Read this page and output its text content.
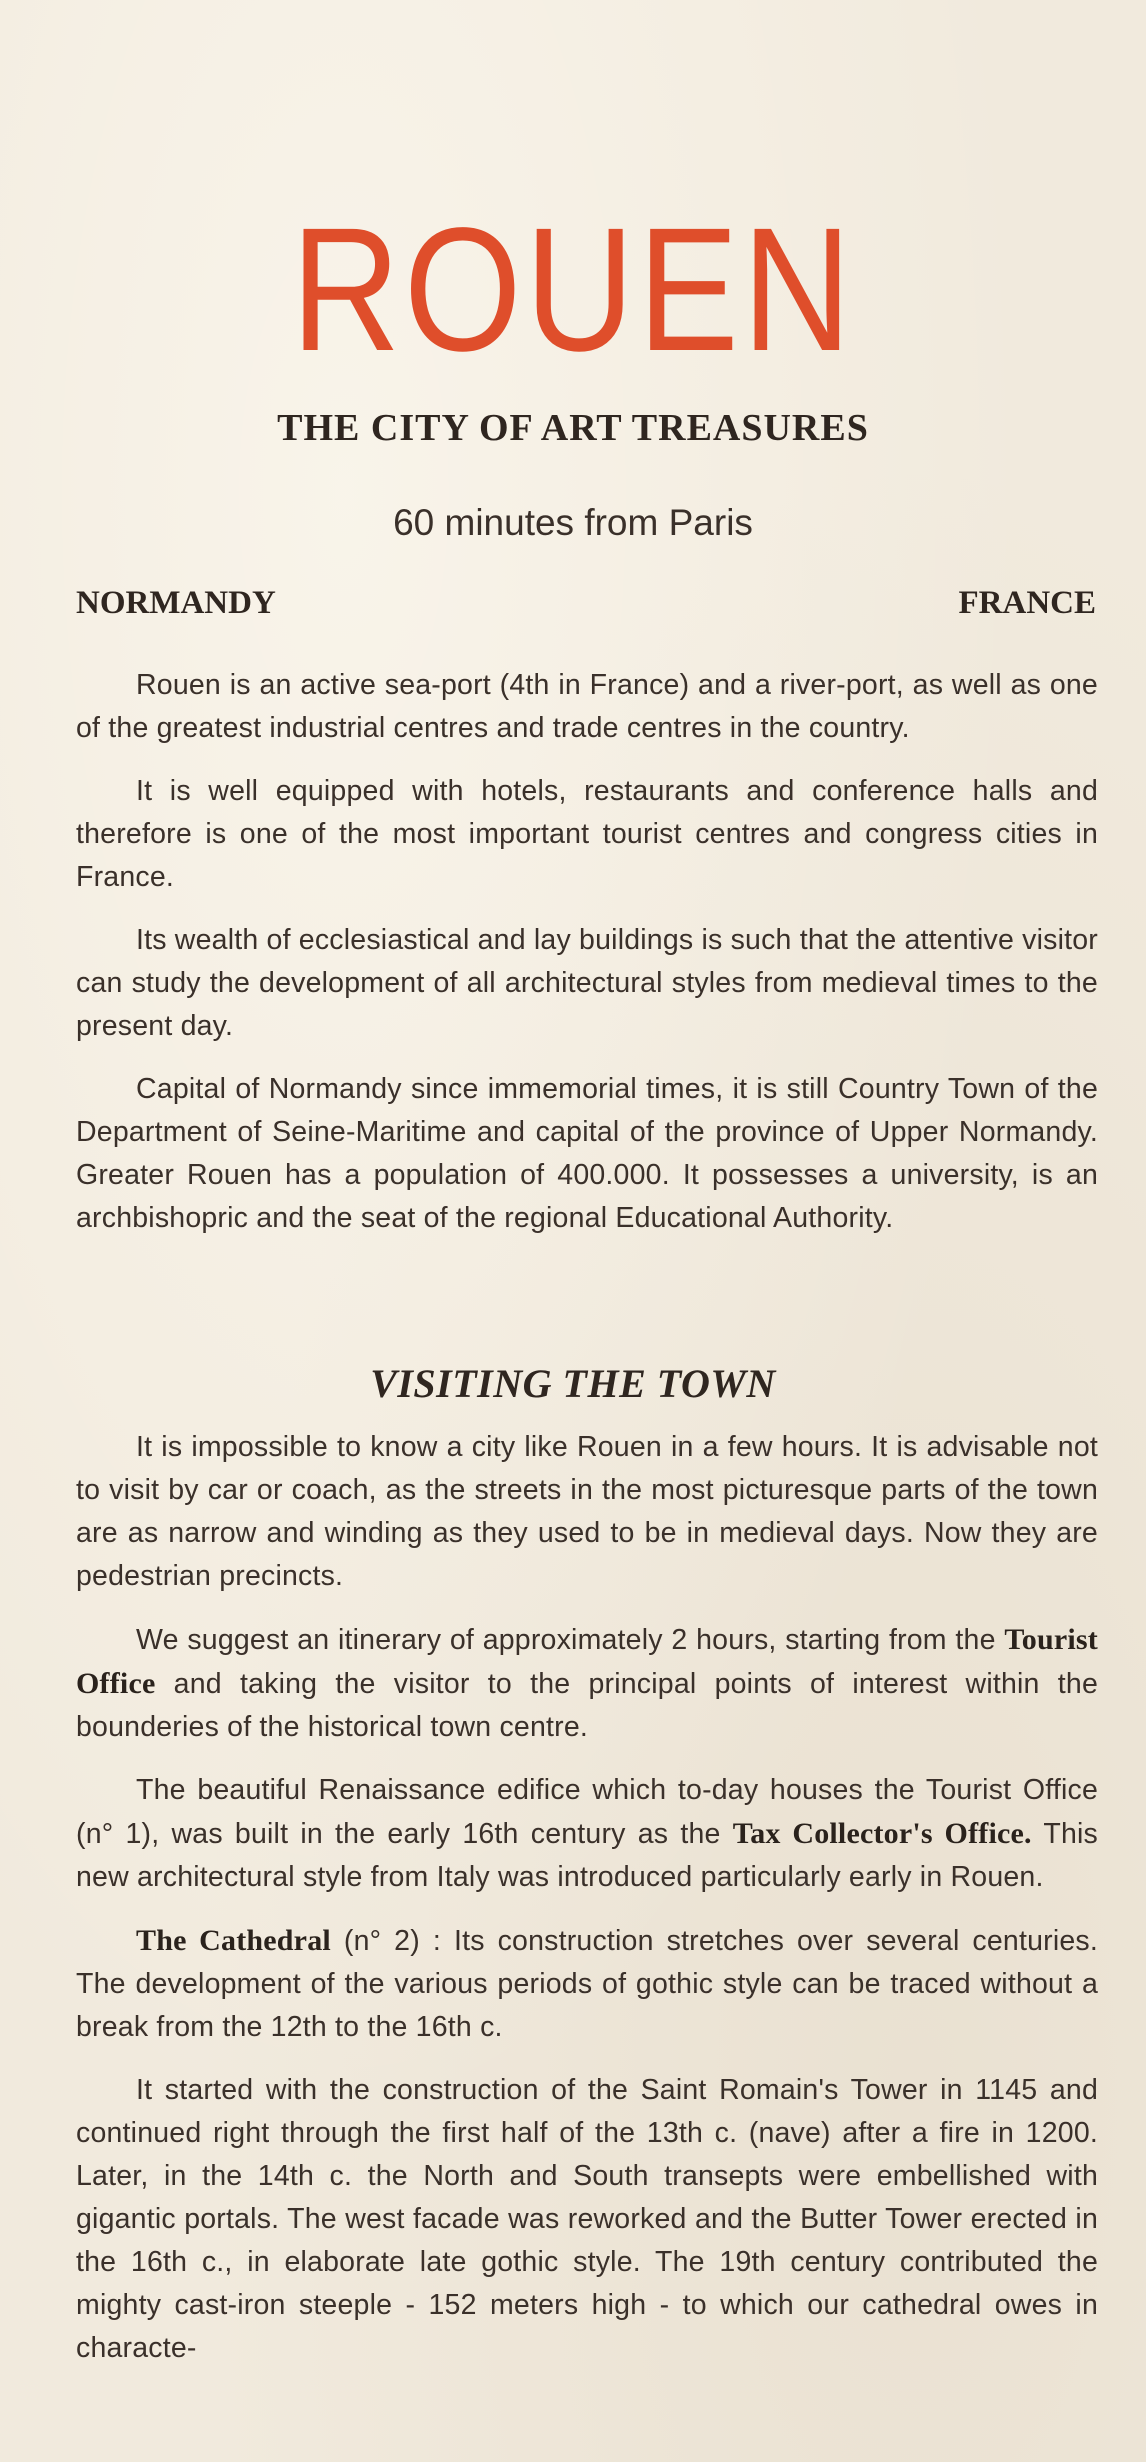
ROUEN
THE CITY OF ART TREASURES
60 minutes from Paris
NORMANDY	FRANCE

Rouen is an active sea-port (4th in France) and a river-port, as well as one of the greatest industrial centres and trade centres in the country.

It is well equipped with hotels, restaurants and conference halls and therefore is one of the most important tourist centres and congress cities in France.

Its wealth of ecclesiastical and lay buildings is such that the attentive visitor can study the development of all architectural styles from medieval times to the present day.

Capital of Normandy since immemorial times, it is still Country Town of the Department of Seine-Maritime and capital of the province of Upper Normandy. Greater Rouen has a population of 400.000. It possesses a university, is an archbishopric and the seat of the regional Educational Authority.

VISITING THE TOWN

It is impossible to know a city like Rouen in a few hours. It is advisable not to visit by car or coach, as the streets in the most picturesque parts of the town are as narrow and winding as they used to be in medieval days. Now they are pedestrian precincts.

We suggest an itinerary of approximately 2 hours, starting from the Tourist Office and taking the visitor to the principal points of interest within the bounderies of the historical town centre.

The beautiful Renaissance edifice which to-day houses the Tourist Office (n° 1), was built in the early 16th century as the Tax Collector's Office. This new architectural style from Italy was introduced particularly early in Rouen.

The Cathedral (n° 2) : Its construction stretches over several centuries. The development of the various periods of gothic style can be traced without a break from the 12th to the 16th c.

It started with the construction of the Saint Romain's Tower in 1145 and continued right through the first half of the 13th c. (nave) after a fire in 1200. Later, in the 14th c. the North and South transepts were embellished with gigantic portals. The west facade was reworked and the Butter Tower erected in the 16th c., in elaborate late gothic style. The 19th century contributed the mighty cast-iron steeple - 152 meters high - to which our cathedral owes in characte-
